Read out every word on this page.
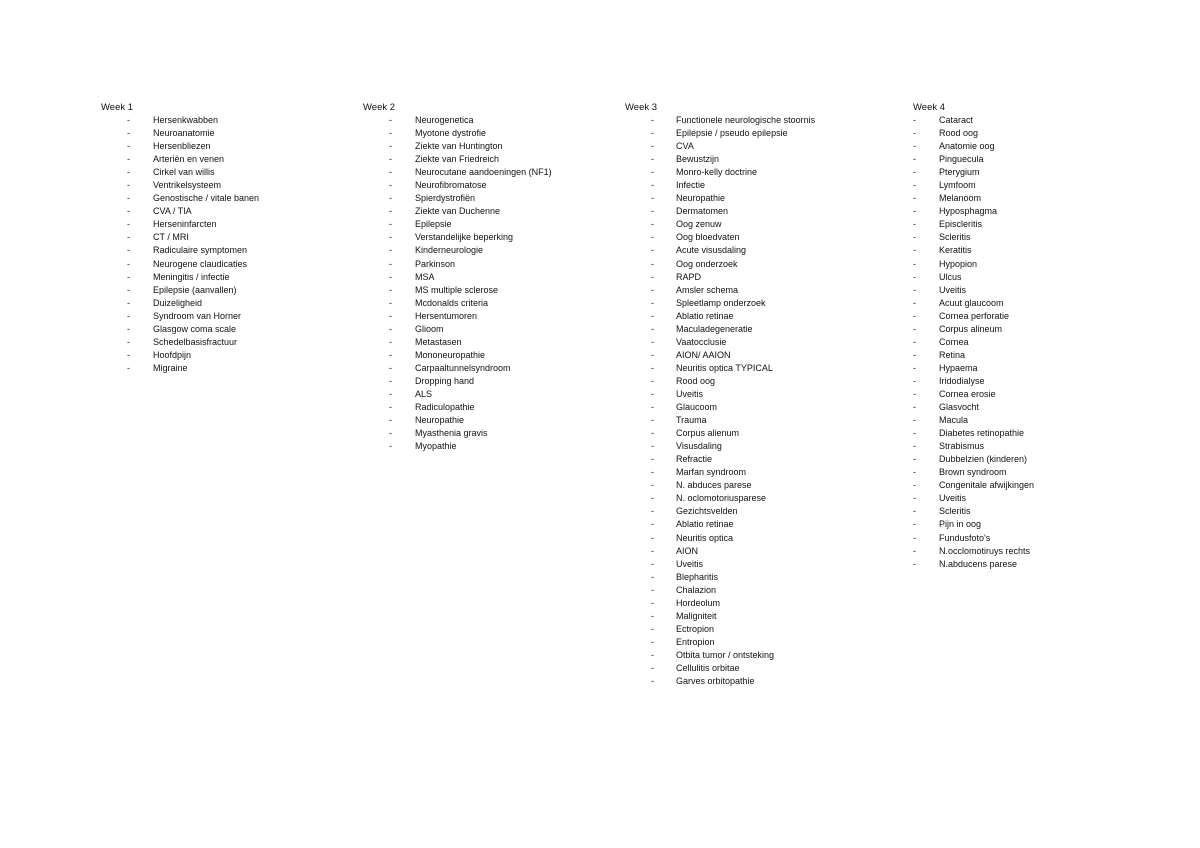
Week 1
-	Hersenkwabben
-	Neuroanatomie
-	Hersenbliezen
-	Arteriën en venen
-	Cirkel van willis
-	Ventrikelsysteem
-	Genostische / vitale banen
-	CVA / TIA
-	Herseninfarcten
-	CT / MRI
-	Radiculaire symptomen
-	Neurogene claudicaties
-	Meningitis / infectie
-	Epilepsie (aanvallen)
-	Duizeligheid
-	Syndroom van Horner
-	Glasgow coma scale
-	Schedelbasisfractuur
-	Hoofdpijn
-	Migraine
Week 2
-	Neurogenetica
-	Myotone dystrofie
-	Ziekte van Huntington
-	Ziekte van Friedreich
-	Neurocutane aandoeningen (NF1)
-	Neurofibromatose
-	Spierdystrofiën
-	Ziekte van Duchenne
-	Epilepsie
-	Verstandelijke beperking
-	Kinderneurologie
-	Parkinson
-	MSA
-	MS multiple sclerose
-	Mcdonalds criteria
-	Hersentumoren
-	Glioom
-	Metastasen
-	Mononeuropathie
-	Carpaaltunnelsyndroom
-	Dropping hand
-	ALS
-	Radiculopathie
-	Neuropathie
-	Myasthenia gravis
-	Myopathie
Week 3
- Functionele neurologische stoornis
- Epilepsie / pseudo epilepsie
- CVA
- Bewustzijn
- Monro-kelly doctrine
- Infectie
- Neuropathie
- Dermatomen
- Oog zenuw
- Oog bloedvaten
- Acute visusdaling
- Oog onderzoek
- RAPD
- Amsler schema
- Spleetlamp onderzoek
- Ablatio retinae
- Maculadegeneratie
- Vaatocclusie
- AION/ AAION
- Neuritis optica TYPICAL
- Rood oog
- Uveitis
- Glaucoom
- Trauma
- Corpus alienum
- Visusdaling
- Refractie
- Marfan syndroom
- N. abduces parese
- N. oclomotoriusparese
- Gezichtsvelden
- Ablatio retinae
- Neuritis optica
- AION
- Uveitis
- Blepharitis
- Chalazion
- Hordeolum
- Maligniteit
- Ectropion
- Entropion
- Otbita tumor / ontsteking
- Cellulitis orbitae
- Garves orbitopathie
Week 4
-	Cataract
-	Rood oog
-	Anatomie oog
-	Pinguecula
-	Pterygium
-	Lymfoom
-	Melanoom
-	Hyposphagma
-	Episcleritis
-	Scleritis
-	Keratitis
-	Hypopion
-	Ulcus
-	Uveitis
-	Acuut glaucoom
-	Cornea perforatie
-	Corpus alineum
-	Cornea
-	Retina
-	Hypaema
-	Iridodialyse
-	Cornea erosie
-	Glasvocht
-	Macula
-	Diabetes retinopathie
-	Strabismus
-	Dubbelzien (kinderen)
-	Brown syndroom
-	Congenitale afwijkingen
-	Uveitis
-	Scleritis
-	Pijn in oog
-	Fundusfoto's
-	N.occlomotiruys rechts
-	N.abducens parese
